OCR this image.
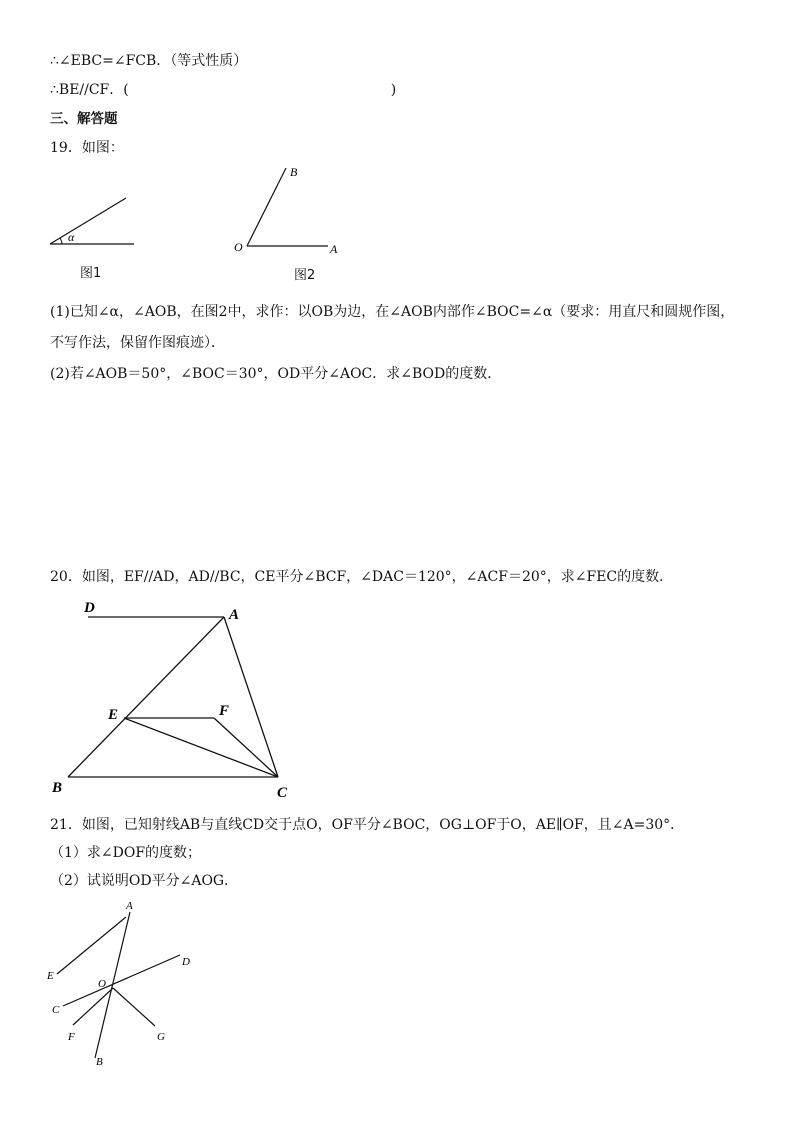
∴∠EBC=∠FCB．（等式性质）
∴BE//CF．(	)
三、解答题
19．如图：
α
图1
O	A
B
图2
(1)已知∠α，∠AOB，在图2中，求作：以OB为边，在∠AOB内部作∠BOC=∠α（要求：用直尺和圆规作图，
不写作法，保留作图痕迹）．
(2)若∠AOB＝50°，∠BOC＝30°，OD平分∠AOC．求∠BOD的度数．
20．如图，EF//AD，AD//BC，CE平分∠BCF，∠DAC＝120°，∠ACF＝20°，求∠FEC的度数．
D	A
E	F
B	C
21．如图，已知射线AB与直线CD交于点O，OF平分∠BOC，OG⊥OF于O，AE∥OF，且∠A=30°．
（1）求∠DOF的度数；
（2）试说明OD平分∠AOG．
A
E
D
O
C
F	G
B
